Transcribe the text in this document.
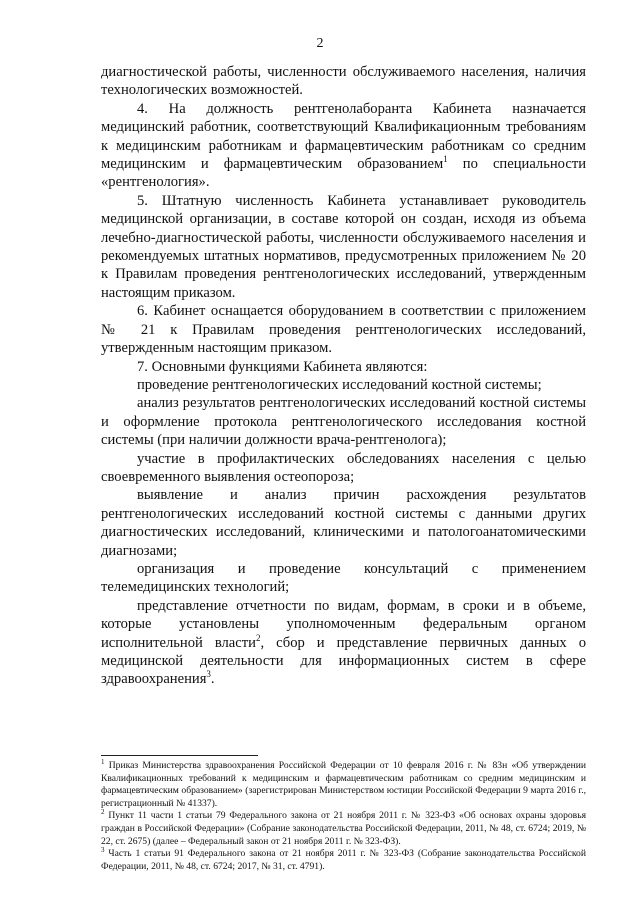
2

диагностической работы, численности обслуживаемого населения, наличия технологических возможностей.

4. На должность рентгенолаборанта Кабинета назначается медицинский работник, соответствующий Квалификационным требованиям к медицинским работникам и фармацевтическим работникам со средним медицинским и фармацевтическим образованием$^1$ по специальности «рентгенология».

5. Штатную численность Кабинета устанавливает руководитель медицинской организации, в составе которой он создан, исходя из объема лечебно-диагностической работы, численности обслуживаемого населения и рекомендуемых штатных нормативов, предусмотренных приложением № 20 к Правилам проведения рентгенологических исследований, утвержденным настоящим приказом.

6. Кабинет оснащается оборудованием в соответствии с приложением № 21 к Правилам проведения рентгенологических исследований, утвержденным настоящим приказом.

7. Основными функциями Кабинета являются:

проведение рентгенологических исследований костной системы;

анализ результатов рентгенологических исследований костной системы и оформление протокола рентгенологического исследования костной системы (при наличии должности врача-рентгенолога);

участие в профилактических обследованиях населения с целью своевременного выявления остеопороза;

выявление и анализ причин расхождения результатов рентгенологических исследований костной системы с данными других диагностических исследований, клиническими и патологоанатомическими диагнозами;

организация и проведение консультаций с применением телемедицинских технологий;

представление отчетности по видам, формам, в сроки и в объеме, которые установлены уполномоченным федеральным органом исполнительной власти$^2$, сбор и представление первичных данных о медицинской деятельности для информационных систем в сфере здравоохранения$^3$.

$^1$ Приказ Министерства здравоохранения Российской Федерации от 10 февраля 2016 г. № 83н «Об утверждении Квалификационных требований к медицинским и фармацевтическим работникам со средним медицинским и фармацевтическим образованием» (зарегистрирован Министерством юстиции Российской Федерации 9 марта 2016 г., регистрационный № 41337).

$^2$ Пункт 11 части 1 статьи 79 Федерального закона от 21 ноября 2011 г. № 323-ФЗ «Об основах охраны здоровья граждан в Российской Федерации» (Собрание законодательства Российской Федерации, 2011, № 48, ст. 6724; 2019, № 22, ст. 2675) (далее – Федеральный закон от 21 ноября 2011 г. № 323-ФЗ).

$^3$ Часть 1 статьи 91 Федерального закона от 21 ноября 2011 г. № 323-ФЗ (Собрание законодательства Российской Федерации, 2011, № 48, ст. 6724; 2017, № 31, ст. 4791).
